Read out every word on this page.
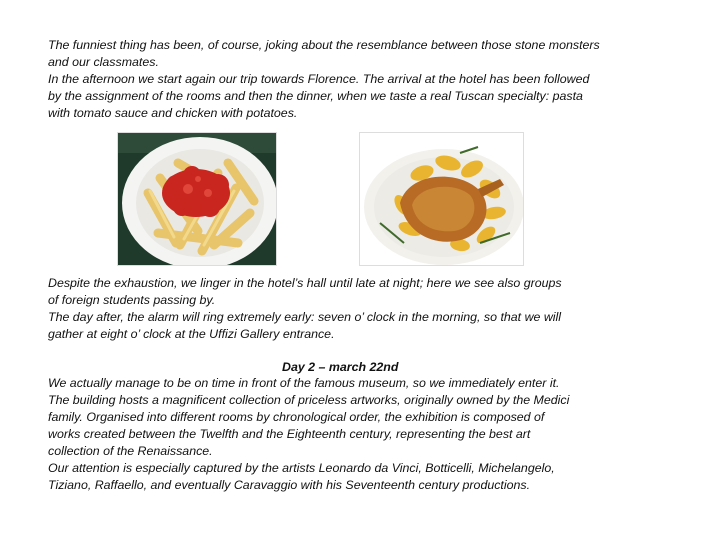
The funniest thing has been, of course, joking about the resemblance between those stone monsters
and our classmates.
In the afternoon we start again our trip towards Florence. The arrival at the hotel has been followed
by the assignment of the rooms and then the dinner, when we taste a real Tuscan specialty: pasta
with tomato sauce and chicken with potatoes.
Despite the exhaustion, we linger in the hotel’s hall until late at night; here we see also groups
of foreign students passing by.
The day after, the alarm will ring extremely early: seven o’ clock in the morning, so that we will
gather at eight o’ clock at the Uffizi Gallery entrance.
Day 2 – march 22nd
We actually manage to be on time in front of the famous museum, so we immediately enter it.
The building hosts a magnificent collection of priceless artworks, originally owned by the Medici
family. Organised into different rooms by chronological order, the exhibition is composed of
works created between the Twelfth and the Eighteenth century, representing the best art
collection of the Renaissance.
Our attention is especially captured by the artists Leonardo da Vinci, Botticelli, Michelangelo,
Tiziano, Raffaello, and eventually Caravaggio with his Seventeenth century productions.
